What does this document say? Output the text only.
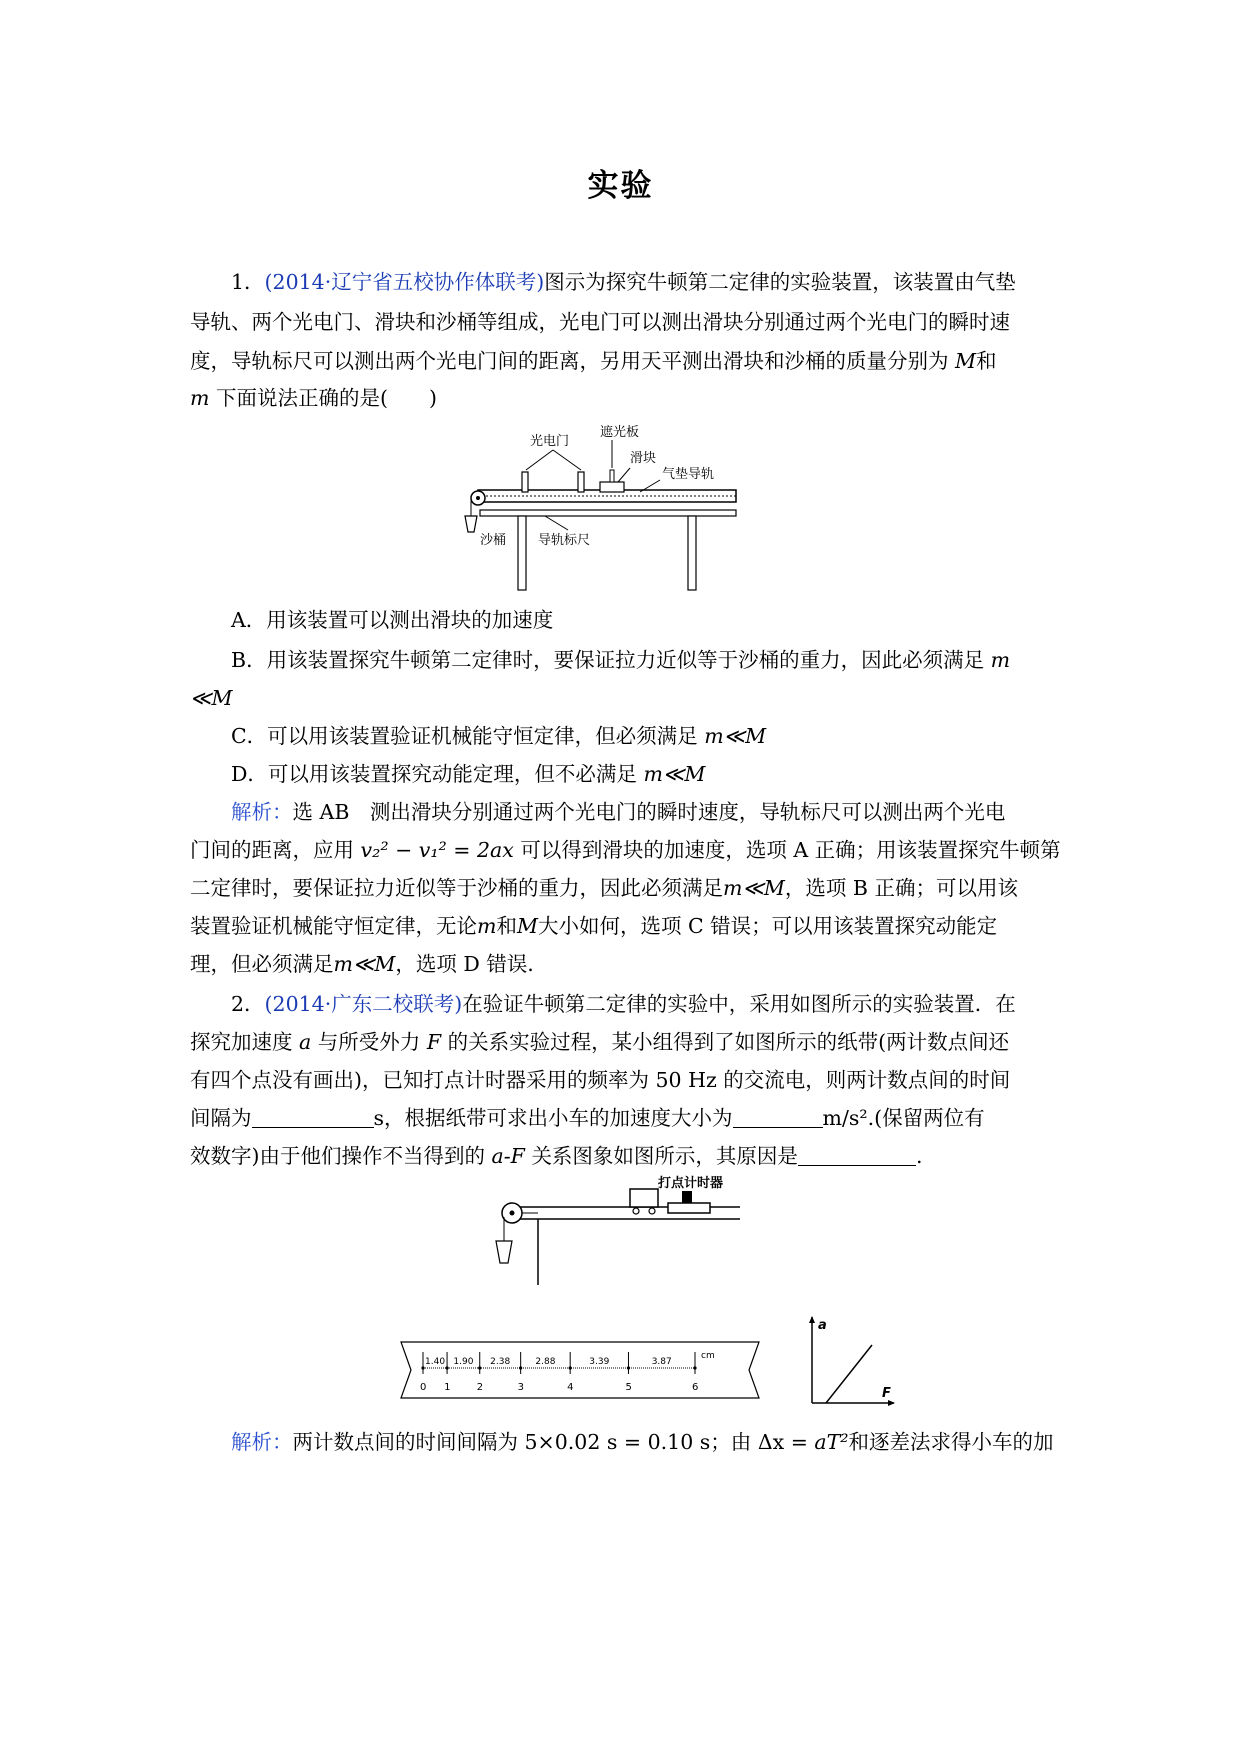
实验
1．(2014·辽宁省五校协作体联考)图示为探究牛顿第二定律的实验装置，该装置由气垫
导轨、两个光电门、滑块和沙桶等组成，光电门可以测出滑块分别通过两个光电门的瞬时速
度，导轨标尺可以测出两个光电门间的距离，另用天平测出滑块和沙桶的质量分别为 M和
m 下面说法正确的是(　　)
光电门
遮光板
滑块
气垫导轨
沙桶 导轨标尺
A．用该装置可以测出滑块的加速度
B．用该装置探究牛顿第二定律时，要保证拉力近似等于沙桶的重力，因此必须满足 m
≪M
C．可以用该装置验证机械能守恒定律，但必须满足 m≪M
D．可以用该装置探究动能定理，但不必满足 m≪M
解析：选 AB　测出滑块分别通过两个光电门的瞬时速度，导轨标尺可以测出两个光电
门间的距离，应用 v₂² − v₁² = 2ax 可以得到滑块的加速度，选项 A 正确；用该装置探究牛顿第
二定律时，要保证拉力近似等于沙桶的重力，因此必须满足m≪M，选项 B 正确；可以用该
装置验证机械能守恒定律，无论m和M大小如何，选项 C 错误；可以用该装置探究动能定
理，但必须满足m≪M，选项 D 错误．
2．(2014·广东二校联考)在验证牛顿第二定律的实验中，采用如图所示的实验装置．在
探究加速度 a 与所受外力 F 的关系实验过程，某小组得到了如图所示的纸带(两计数点间还
有四个点没有画出)，已知打点计时器采用的频率为 50 Hz 的交流电，则两计数点间的时间
间隔为	s，根据纸带可求出小车的加速度大小为	m/s².(保留两位有
效数字)由于他们操作不当得到的 a-F 关系图象如图所示，其原因是	.
打点计时器
cm
0 1	2	3	4	5	6
1.40 1.90 2.38	2.88	3.39	3.87
a
F
解析：两计数点间的时间间隔为 5×0.02 s = 0.10 s；由 Δx = aT²和逐差法求得小车的加
